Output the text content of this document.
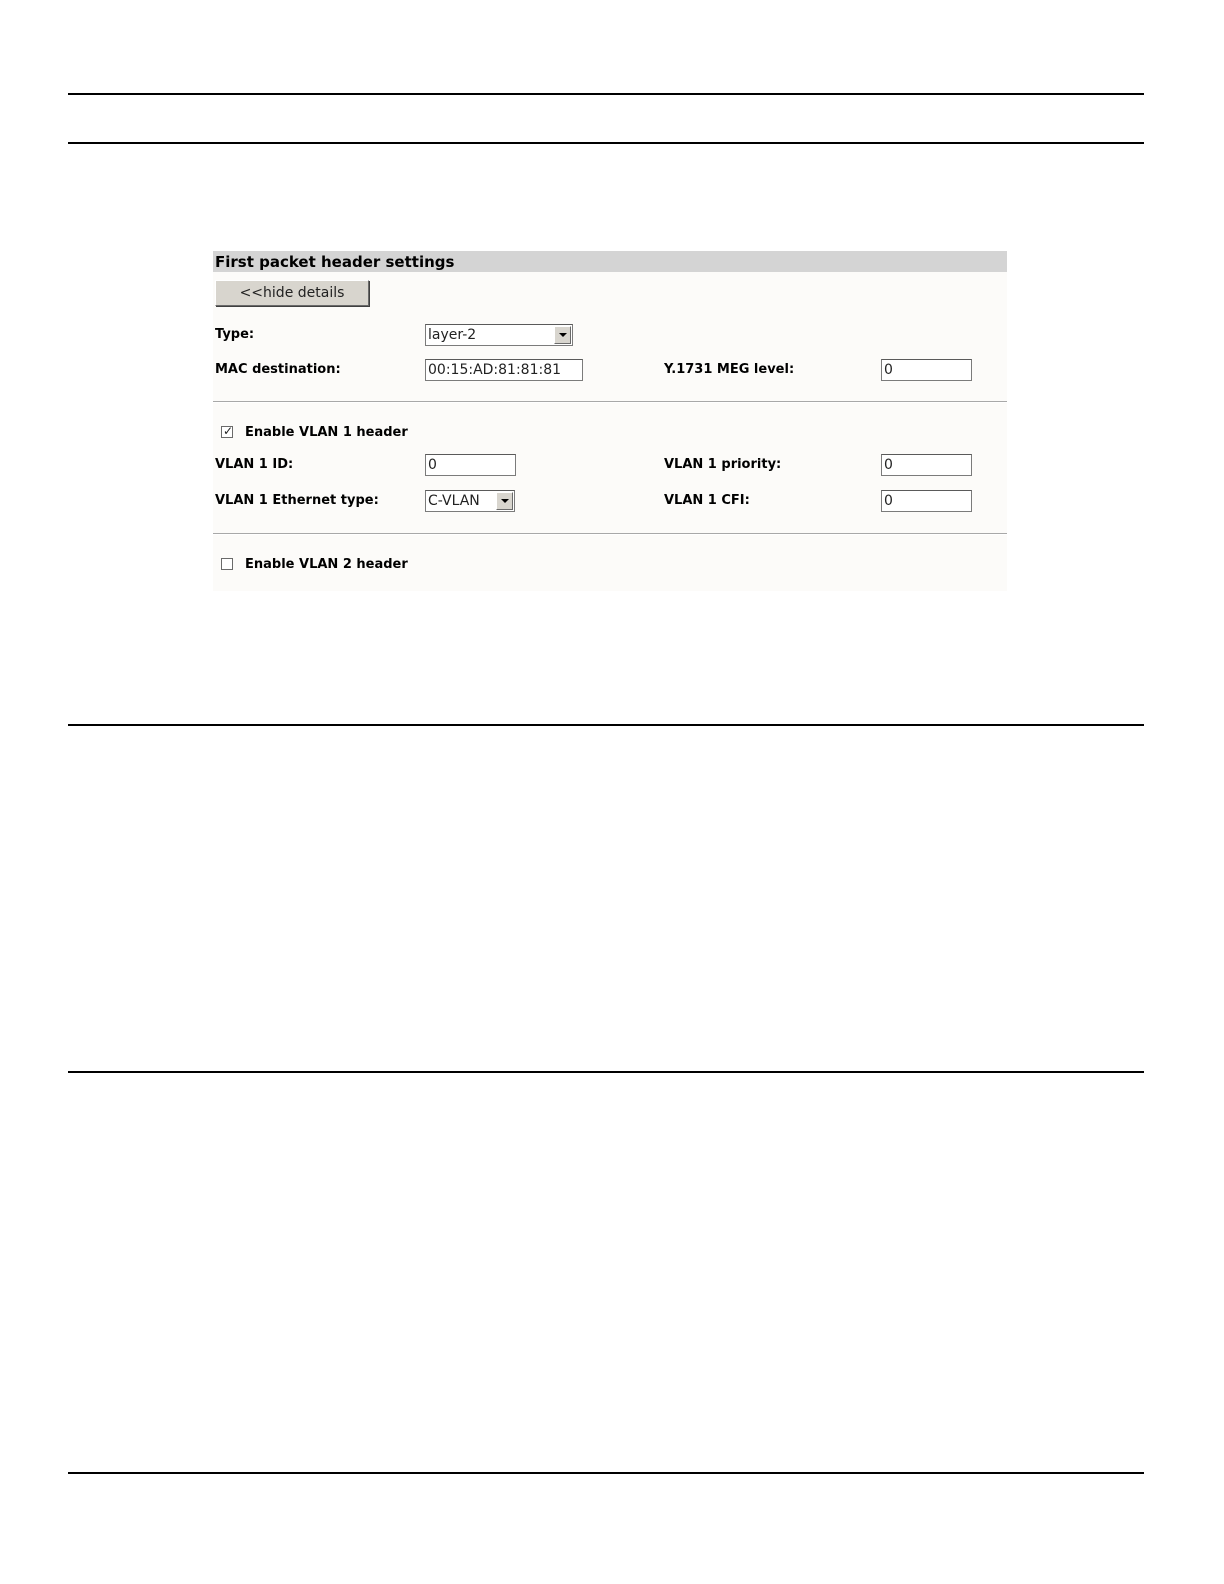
First packet header settings
<<hide details
Type:	layer-2
MAC destination:	00:15:AD:81:81:81	Y.1731 MEG level:	0
✓ Enable VLAN 1 header
VLAN 1 ID:	0	VLAN 1 priority:	0
VLAN 1 Ethernet type:	C-VLAN	VLAN 1 CFI:	0
Enable VLAN 2 header
